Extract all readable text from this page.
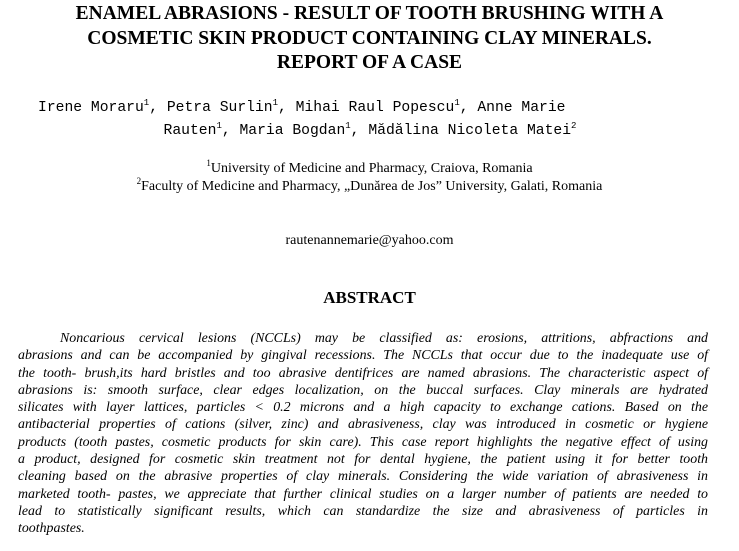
ENAMEL ABRASIONS - RESULT OF TOOTH BRUSHING WITH A
COSMETIC SKIN PRODUCT CONTAINING CLAY MINERALS.
REPORT OF A CASE
Irene Moraru$^1$, Petra Surlin$^1$, Mihai Raul Popescu$^1$, Anne Marie
Rauten$^1$, Maria Bogdan$^1$, Mădălina Nicoleta Matei$^2$

$^1$University of Medicine and Pharmacy, Craiova, Romania

$^2$Faculty of Medicine and Pharmacy, „Dunărea de Jos” University, Galati, Romania

rautenannemarie@yahoo.com

ABSTRACT
Noncarious cervical lesions (NCCLs) may be classified as: erosions, attritions, abfractions and
abrasions and can be accompanied by gingival recessions. The NCCLs that occur due to the inadequate use of
the tooth- brush,its hard bristles and too abrasive dentifrices are named abrasions. The characteristic aspect of
abrasions is: smooth surface, clear edges localization, on the buccal surfaces. Clay minerals are hydrated
silicates with layer lattices, particles < 0.2 microns and a high capacity to exchange cations. Based on the
antibacterial properties of cations (silver, zinc) and abrasiveness, clay was introduced in cosmetic or hygiene
products (tooth pastes, cosmetic products for skin care). This case report highlights the negative effect of using
a product, designed for cosmetic skin treatment not for dental hygiene, the patient using it for better tooth
cleaning based on the abrasive properties of clay minerals. Considering the wide variation of abrasiveness in
marketed tooth- pastes, we appreciate that further clinical studies on a larger number of patients are needed to
lead to statistically significant results, which can standardize the size and abrasiveness of particles in
toothpastes.
